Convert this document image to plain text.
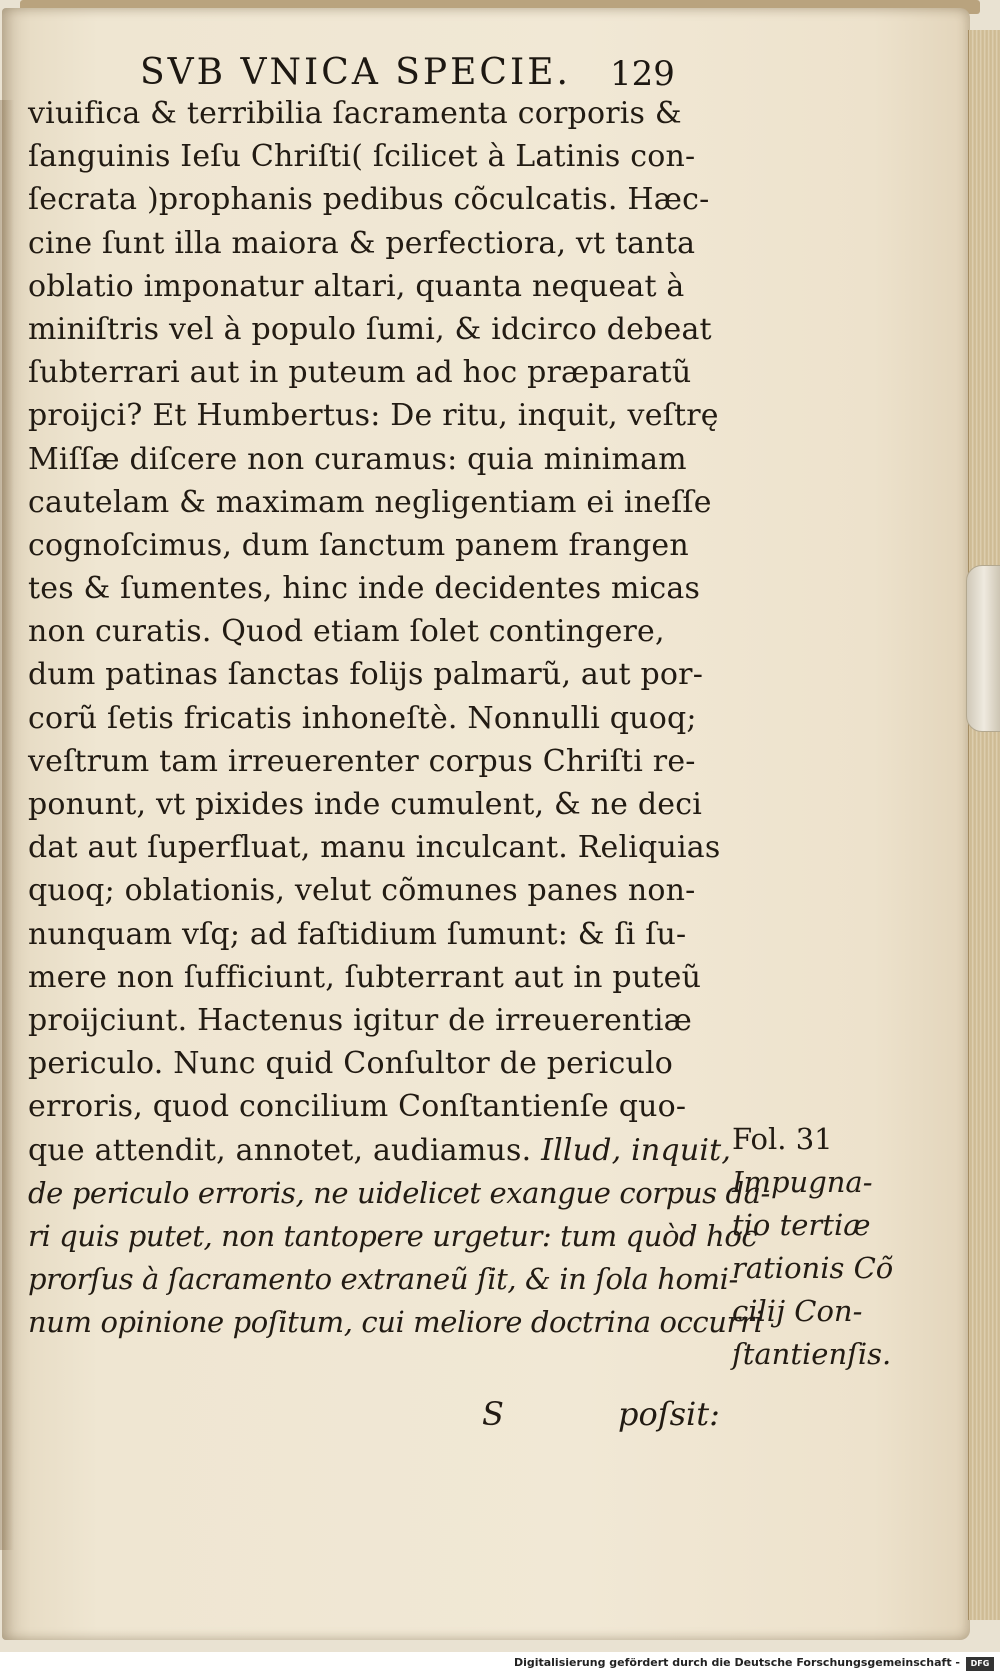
SVB VNICA SPECIE. 129
viuifica & terribilia ſacramenta corporis &
ſanguinis Ieſu Chriſti( ſcilicet à Latinis con-
ſecrata )prophanis pedibus cõculcatis. Hæc-
cine ſunt illa maiora & perfectiora, vt tanta
oblatio imponatur altari, quanta nequeat à
miniſtris vel à populo ſumi, & idcirco debeat
ſubterrari aut in puteum ad hoc præparatũ
proijci? Et Humbertus: De ritu, inquit, veſtrę
Miſſæ diſcere non curamus: quia minimam
cautelam & maximam negligentiam ei ineſſe
cognoſcimus, dum ſanctum panem frangen
tes & ſumentes, hinc inde decidentes micas
non curatis. Quod etiam ſolet contingere,
dum patinas ſanctas folijs palmarũ, aut por-
corũ ſetis fricatis inhoneſtè. Nonnulli quoq;
veſtrum tam irreuerenter corpus Chriſti re-
ponunt, vt pixides inde cumulent, & ne deci
dat aut ſuperfluat, manu inculcant. Reliquias
quoq; oblationis, velut cõmunes panes non-
nunquam vſq; ad faſtidium ſumunt: & ſi ſu-
mere non ſufficiunt, ſubterrant aut in puteũ
proijciunt. Hactenus igitur de irreuerentiæ
periculo. Nunc quid Conſultor de periculo
erroris, quod concilium Conſtantienſe quo-
que attendit, annotet, audiamus. Illud, inquit,
de periculo erroris, ne uidelicet exangue corpus da-
ri quis putet, non tantopere urgetur: tum quòd hoc
prorſus à ſacramento extraneũ ſit, & in ſola homi-
num opinione poſitum, cui meliore doctrina occurri
Fol. 31
Impugna-
tio tertiæ
rationis Cõ
cilij Con-
ſtantienſis.
S	poſsit:
Digitalisierung gefördert durch die Deutsche Forschungsgemeinschaft -	DFG
